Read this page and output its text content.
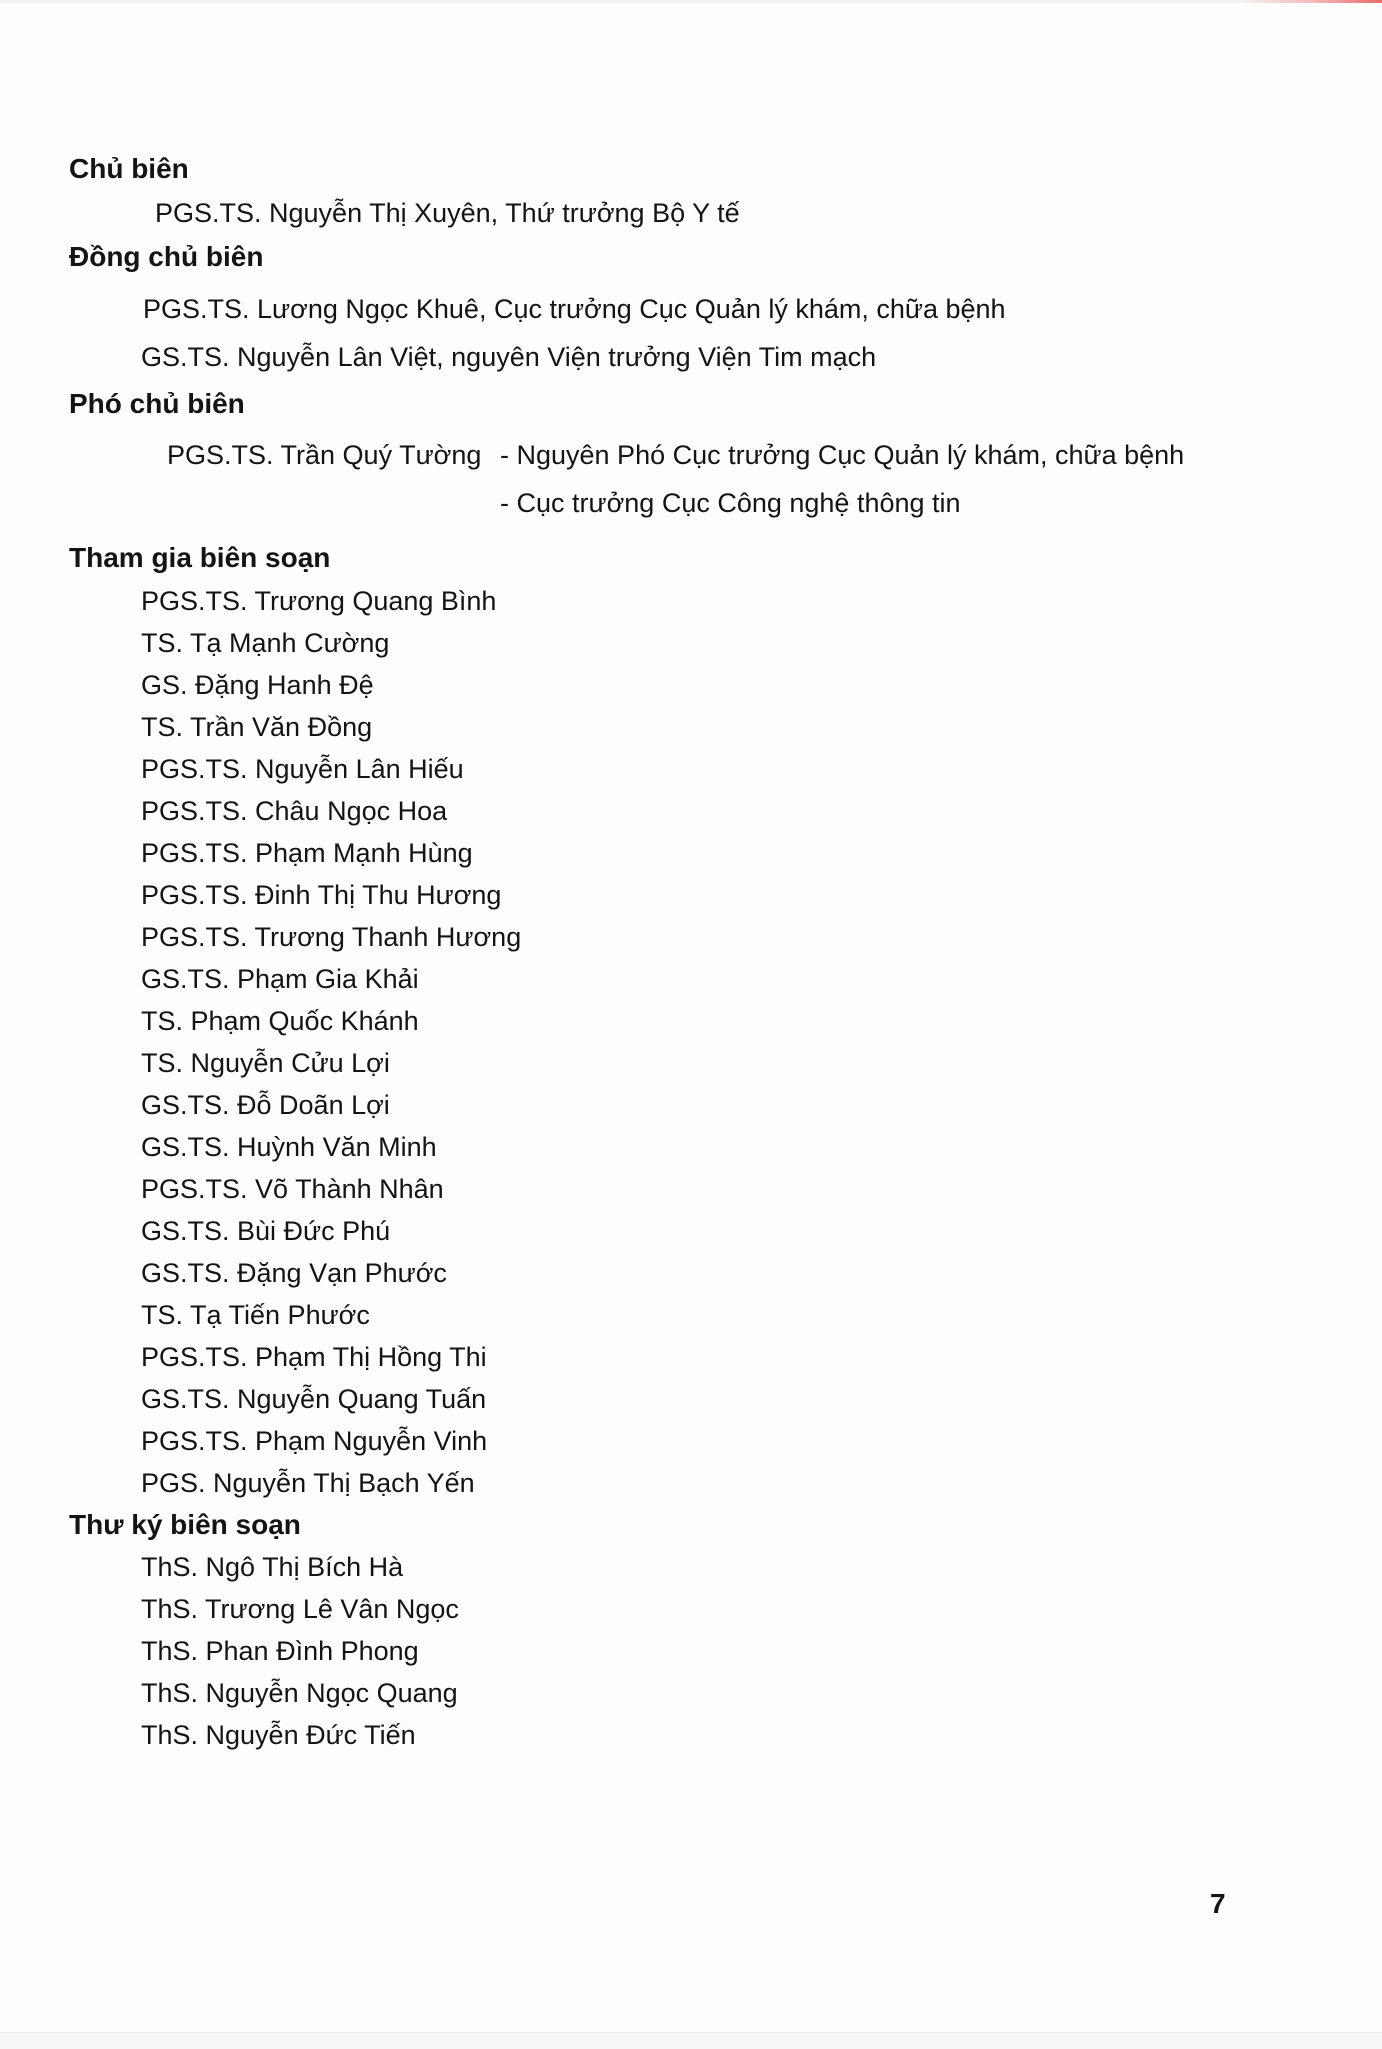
Chủ biên
PGS.TS. Nguyễn Thị Xuyên, Thứ trưởng Bộ Y tế
Đồng chủ biên
PGS.TS. Lương Ngọc Khuê, Cục trưởng Cục Quản lý khám, chữa bệnh
GS.TS. Nguyễn Lân Việt, nguyên Viện trưởng Viện Tim mạch
Phó chủ biên
PGS.TS. Trần Quý Tường - Nguyên Phó Cục trưởng Cục Quản lý khám, chữa bệnh
- Cục trưởng Cục Công nghệ thông tin
Tham gia biên soạn
PGS.TS. Trương Quang Bình
TS. Tạ Mạnh Cường
GS. Đặng Hanh Đệ
TS. Trần Văn Đồng
PGS.TS. Nguyễn Lân Hiếu
PGS.TS. Châu Ngọc Hoa
PGS.TS. Phạm Mạnh Hùng
PGS.TS. Đinh Thị Thu Hương
PGS.TS. Trương Thanh Hương
GS.TS. Phạm Gia Khải
TS. Phạm Quốc Khánh
TS. Nguyễn Cửu Lợi
GS.TS. Đỗ Doãn Lợi
GS.TS. Huỳnh Văn Minh
PGS.TS. Võ Thành Nhân
GS.TS. Bùi Đức Phú
GS.TS. Đặng Vạn Phước
TS. Tạ Tiến Phước
PGS.TS. Phạm Thị Hồng Thi
GS.TS. Nguyễn Quang Tuấn
PGS.TS. Phạm Nguyễn Vinh
PGS. Nguyễn Thị Bạch Yến
Thư ký biên soạn
ThS. Ngô Thị Bích Hà
ThS. Trương Lê Vân Ngọc
ThS. Phan Đình Phong
ThS. Nguyễn Ngọc Quang
ThS. Nguyễn Đức Tiến
7
